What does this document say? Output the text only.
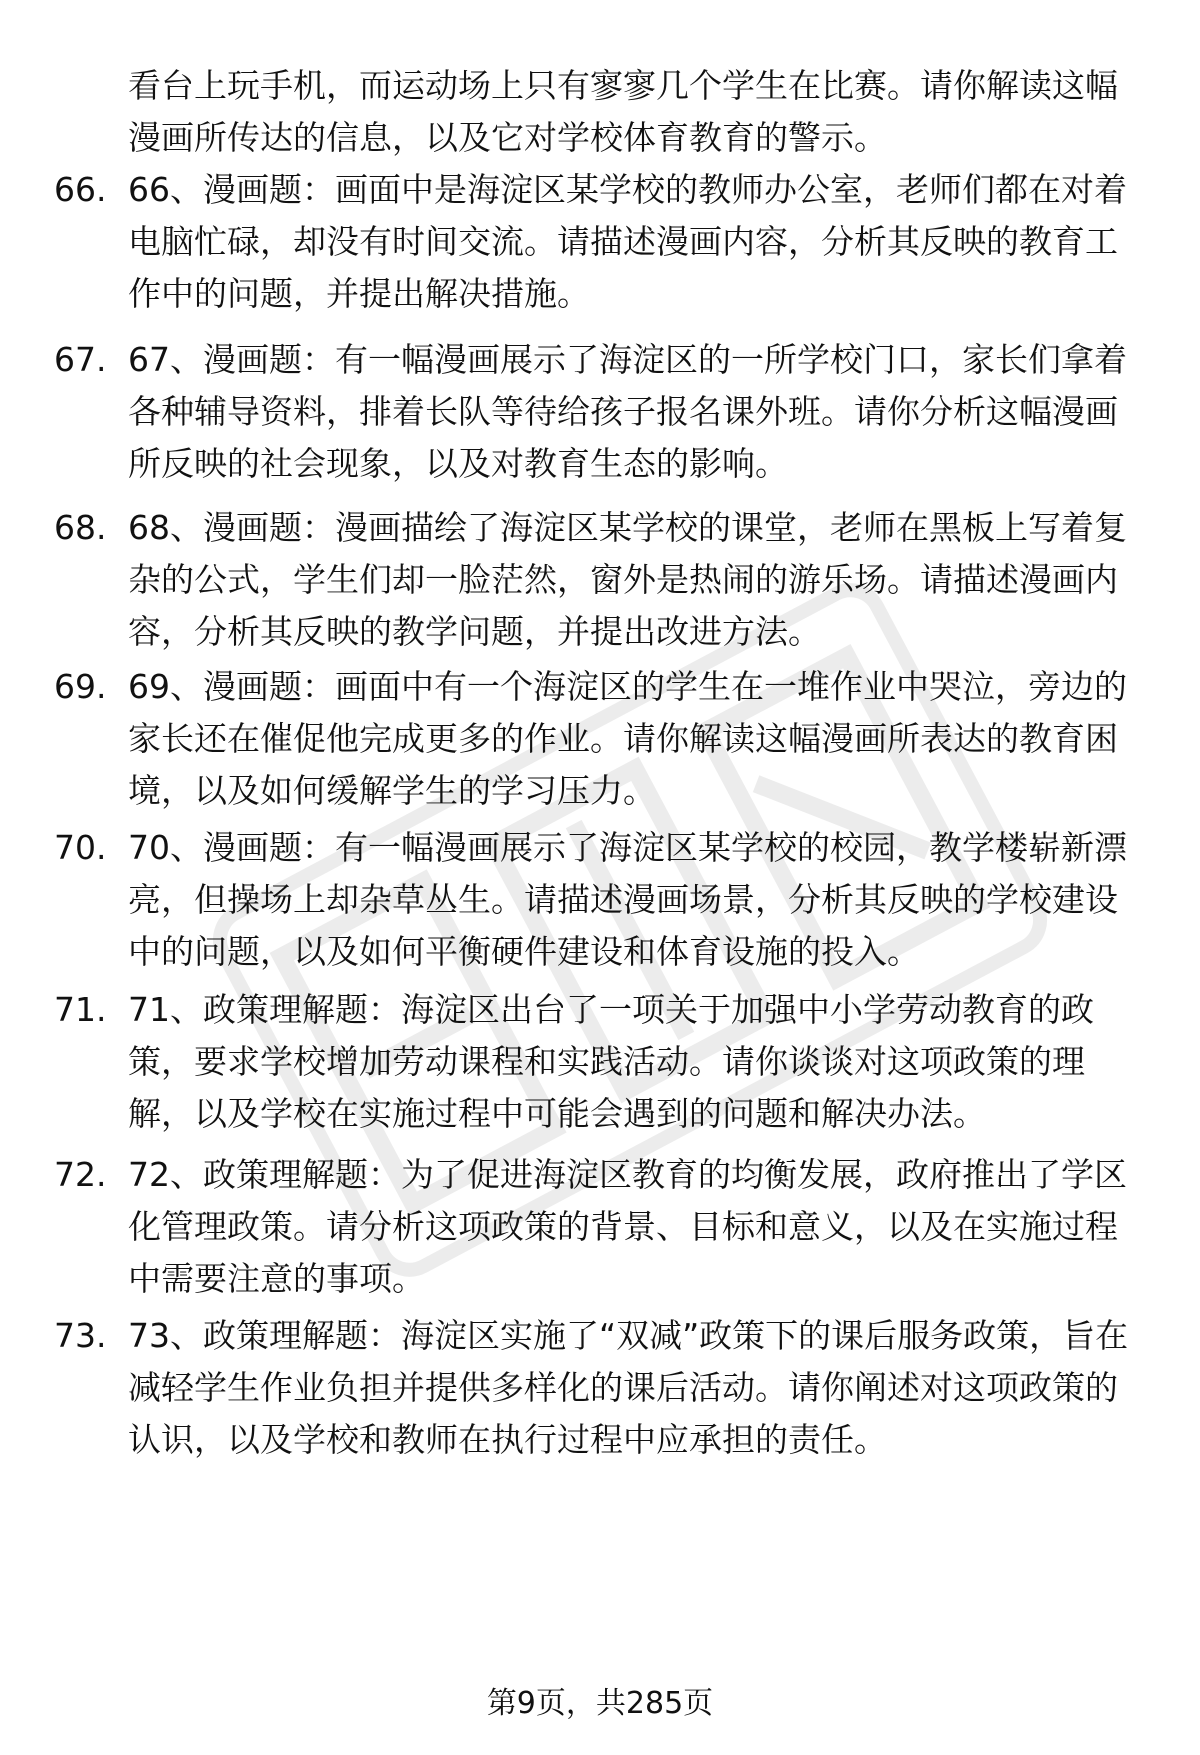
看台上玩手机，而运动场上只有寥寥几个学生在比赛。请你解读这幅漫画所传达的信息，以及它对学校体育教育的警示。
66. 66、漫画题：画面中是海淀区某学校的教师办公室，老师们都在对着电脑忙碌，却没有时间交流。请描述漫画内容，分析其反映的教育工作中的问题，并提出解决措施。
67. 67、漫画题：有一幅漫画展示了海淀区的一所学校门口，家长们拿着各种辅导资料，排着长队等待给孩子报名课外班。请你分析这幅漫画所反映的社会现象，以及对教育生态的影响。
68. 68、漫画题：漫画描绘了海淀区某学校的课堂，老师在黑板上写着复杂的公式，学生们却一脸茫然，窗外是热闹的游乐场。请描述漫画内容，分析其反映的教学问题，并提出改进方法。
69. 69、漫画题：画面中有一个海淀区的学生在一堆作业中哭泣，旁边的家长还在催促他完成更多的作业。请你解读这幅漫画所表达的教育困境，以及如何缓解学生的学习压力。
70. 70、漫画题：有一幅漫画展示了海淀区某学校的校园，教学楼崭新漂亮，但操场上却杂草丛生。请描述漫画场景，分析其反映的学校建设中的问题，以及如何平衡硬件建设和体育设施的投入。
71. 71、政策理解题：海淀区出台了一项关于加强中小学劳动教育的政策，要求学校增加劳动课程和实践活动。请你谈谈对这项政策的理解，以及学校在实施过程中可能会遇到的问题和解决办法。
72. 72、政策理解题：为了促进海淀区教育的均衡发展，政府推出了学区化管理政策。请分析这项政策的背景、目标和意义，以及在实施过程中需要注意的事项。
73. 73、政策理解题：海淀区实施了“双减”政策下的课后服务政策，旨在减轻学生作业负担并提供多样化的课后活动。请你阐述对这项政策的认识，以及学校和教师在执行过程中应承担的责任。
第9页，共285页
